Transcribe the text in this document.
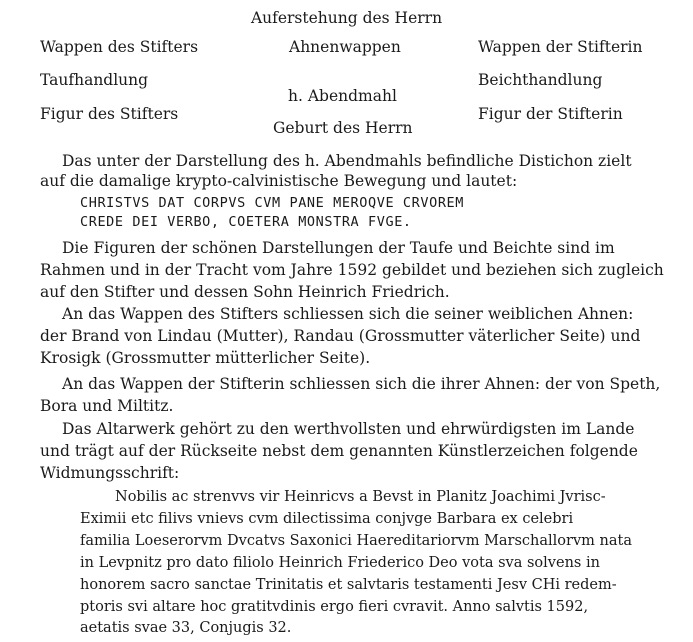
Auferstehung des Herrn
Wappen des Stifters	Ahnenwappen	Wappen der Stifterin
Taufhandlung	Beichthandlung
h. Abendmahl
Figur des Stifters	Figur der Stifterin
Geburt des Herrn
Das unter der Darstellung des h. Abendmahls befindliche Distichon zielt
auf die damalige krypto-calvinistische Bewegung und lautet:
CHRISTVS DAT CORPVS CVM PANE MEROQVE CRVOREM
CREDE DEI VERBO, COETERA MONSTRA FVGE.
Die Figuren der schönen Darstellungen der Taufe und Beichte sind im
Rahmen und in der Tracht vom Jahre 1592 gebildet und beziehen sich zugleich
auf den Stifter und dessen Sohn Heinrich Friedrich.
An das Wappen des Stifters schliessen sich die seiner weiblichen Ahnen:
der Brand von Lindau (Mutter), Randau (Grossmutter väterlicher Seite) und
Krosigk (Grossmutter mütterlicher Seite).
An das Wappen der Stifterin schliessen sich die ihrer Ahnen: der von Speth,
Bora und Miltitz.
Das Altarwerk gehört zu den werthvollsten und ehrwürdigsten im Lande
und trägt auf der Rückseite nebst dem genannten Künstlerzeichen folgende
Widmungsschrift:
Nobilis ac strenvvs vir Heinricvs a Bevst in Planitz Joachimi Jvrisc-
Eximii etc filivs vnievs cvm dilectissima conjvge Barbara ex celebri
familia Loeserorvm Dvcatvs Saxonici Haereditariorvm Marschallorvm nata
in Levpnitz pro dato filiolo Heinrich Friederico Deo vota sva solvens in
honorem sacro sanctae Trinitatis et salvtaris testamenti Jesv CHi redem-
ptoris svi altare hoc gratitvdinis ergo fieri cvravit. Anno salvtis 1592,
aetatis svae 33, Conjugis 32.
